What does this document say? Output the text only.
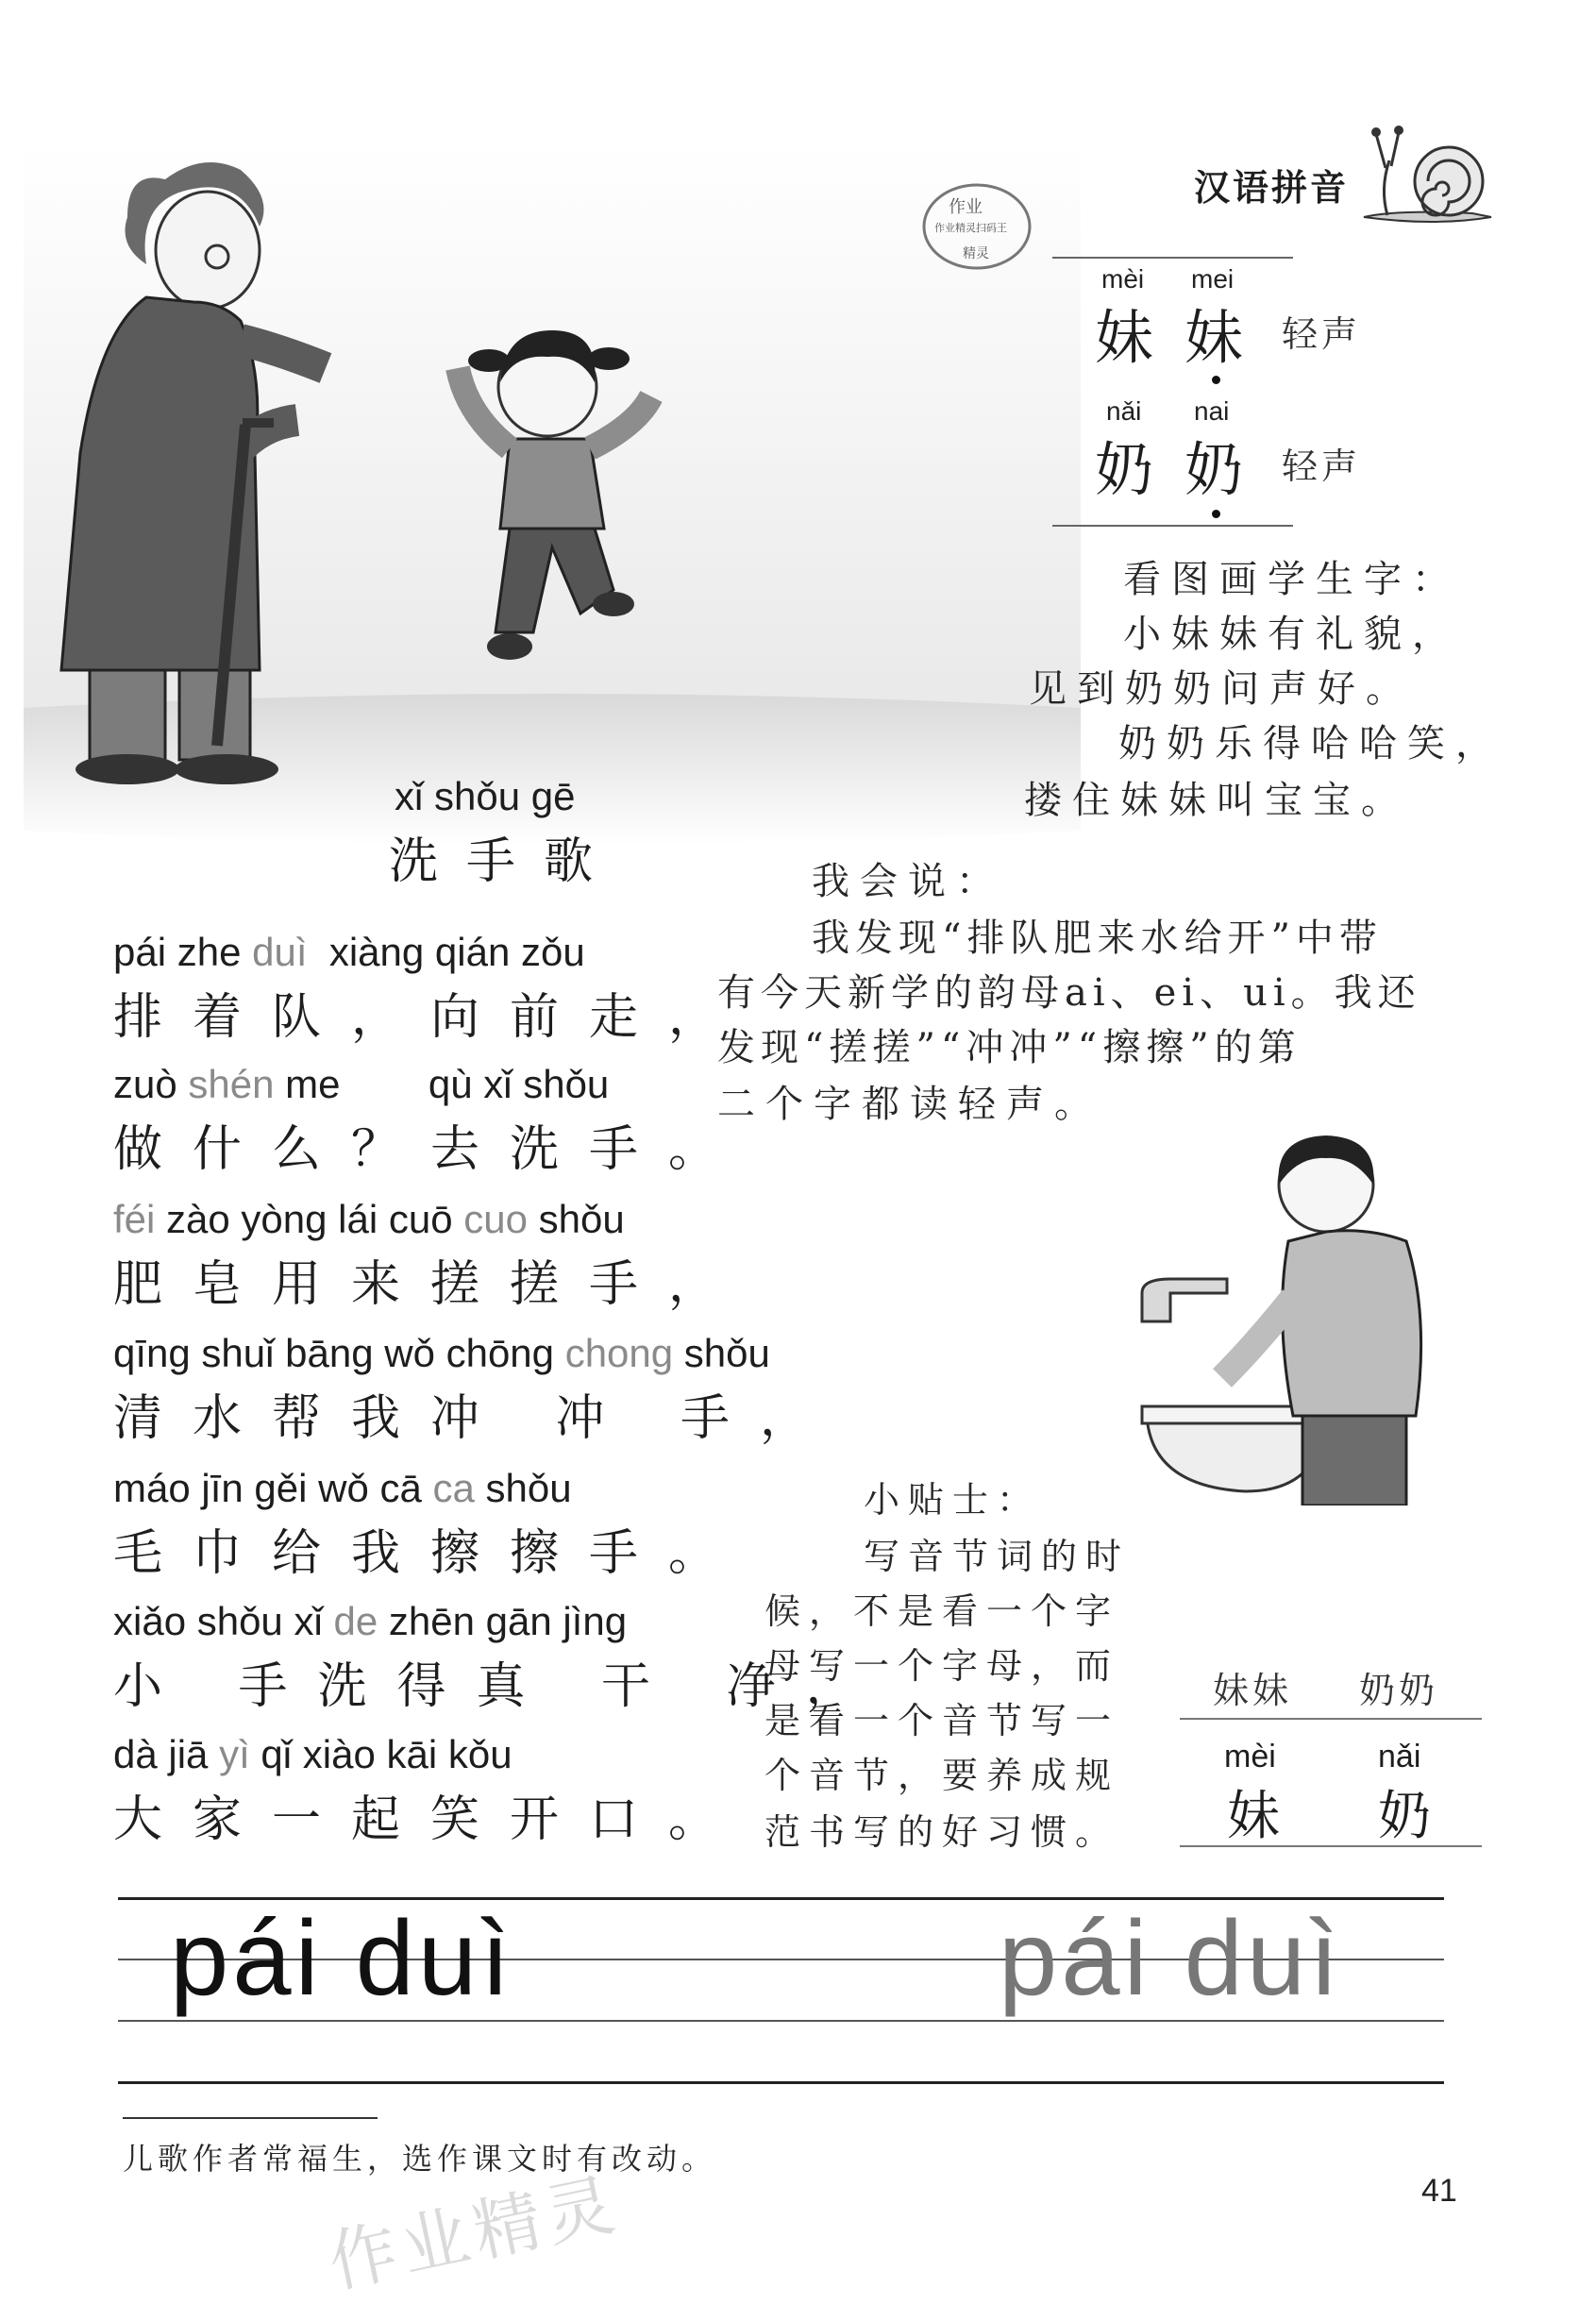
汉语拼音
作业
作业精灵扫码王
精灵
mèi mei
妹 妹 轻声
nǎi nai
奶 奶 轻声
看图画学生字：
小妹妹有礼貌，
见到奶奶问声好。
奶奶乐得哈哈笑，
搂住妹妹叫宝宝。
我会说：
我发现“排队肥来水给开”中带
有今天新学的韵母ai、ei、ui。我还
发现“搓搓”“冲冲”“擦擦”的第
二个字都读轻声。
xǐ shǒu gē
洗手歌
pái zhe duì  xiàng qián zǒu
排着队，向前走，
zuò shén me        qù xǐ shǒu
做什么？去洗手。
féi zào yòng lái cuō cuo shǒu
肥皂用来搓搓手，
qīng shuǐ bāng wǒ chōng chong shǒu
清水帮我冲 冲 手，
máo jīn gěi wǒ cā ca shǒu
毛巾给我擦擦手。
xiǎo shǒu xǐ de zhēn gān jìng
小 手洗得真 干 净，
dà jiā yì qǐ xiào kāi kǒu
大家一起笑开口。
小贴士：
写音节词的时
候，不是看一个字
母写一个字母，而
是看一个音节写一
个音节，要养成规
范书写的好习惯。
妹妹 奶奶
mèi	nǎi
妹 奶
pái duì	pái duì
儿歌作者常福生，选作课文时有改动。
作业精灵	41
